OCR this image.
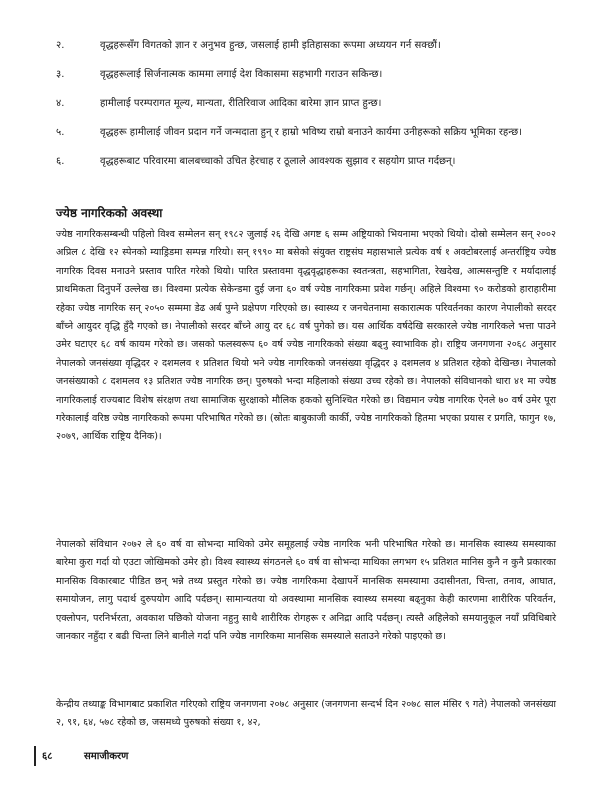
२.	वृद्धहरूसँग विगतको ज्ञान र अनुभव हुन्छ, जसलाई हामी इतिहासका रूपमा अध्ययन गर्न सक्छौं।
३.	वृद्धहरूलाई सिर्जनात्मक काममा लगाई देश विकासमा सहभागी गराउन सकिन्छ।
४.	हामीलाई परम्परागत मूल्य, मान्यता, रीतिरिवाज आदिका बारेमा ज्ञान प्राप्त हुन्छ।
५.	वृद्धहरू हामीलाई जीवन प्रदान गर्ने जन्मदाता हुन् र हाम्रो भविष्य राम्रो बनाउने कार्यमा उनीहरूको सक्रिय भूमिका रहन्छ।
६.	वृद्धहरूबाट परिवारमा बालबच्चाको उचित हेरचाह र ठूलाले आवश्यक सुझाव र सहयोग प्राप्त गर्दछन्।
ज्येष्ठ नागरिकको अवस्था

ज्येष्ठ नागरिकसम्बन्धी पहिलो विश्व सम्मेलन सन् १९८२ जुलाई २६ देखि अगष्ट ६ सम्म अष्ट्रियाको भियनामा भएको थियो। दोस्रो सम्मेलन सन् २००२ अप्रिल ८ देखि १२ स्पेनको म्याड्रिडमा सम्पन्न गरियो। सन् १९९० मा बसेको संयुक्त राष्ट्रसंघ महासभाले प्रत्येक वर्ष १ अक्टोबरलाई अन्तर्राष्ट्रिय ज्येष्ठ नागरिक दिवस मनाउने प्रस्ताव पारित गरेको थियो। पारित प्रस्तावमा वृद्धवृद्धाहरूका स्वतन्त्रता, सहभागिता, रेखदेख, आत्मसन्तुष्टि र मर्यादालाई प्राथमिकता दिनुपर्ने उल्लेख छ। विश्वमा प्रत्येक सेकेन्डमा दुई जना ६० वर्ष ज्येष्ठ नागरिकमा प्रवेश गर्छन्। अहिले विश्वमा ९० करोडको हाराहारीमा रहेका ज्येष्ठ नागरिक सन् २०५० सम्ममा डेढ अर्ब पुग्ने प्रक्षेपण गरिएको छ। स्वास्थ्य र जनचेतनामा सकारात्मक परिवर्तनका कारण नेपालीको सरदर बाँच्ने आयुदर वृद्धि हुँदै गएको छ। नेपालीको सरदर बाँच्ने आयु दर ६८ वर्ष पुगेको छ। यस आर्थिक वर्षदेखि सरकारले ज्येष्ठ नागरिकले भत्ता पाउने उमेर घटाएर ६८ वर्ष कायम गरेको छ। जसको फलस्वरूप ६० वर्ष ज्येष्ठ नागरिकको संख्या बढ्नु स्वाभाविक हो। राष्ट्रिय जनगणना २०६८ अनुसार नेपालको जनसंख्या वृद्धिदर २ दशमलव १ प्रतिशत थियो भने ज्येष्ठ नागरिकको जनसंख्या वृद्धिदर ३ दशमलव ४ प्रतिशत रहेको देखिन्छ। नेपालको जनसंख्याको ८ दशमलव १३ प्रतिशत ज्येष्ठ नागरिक छन्। पुरुषको भन्दा महिलाको संख्या उच्च रहेको छ। नेपालको संविधानको धारा ४१ मा ज्येष्ठ नागरिकलाई राज्यबाट विशेष संरक्षण तथा सामाजिक सुरक्षाको मौलिक हकको सुनिश्चित गरेको छ। विद्यमान ज्येष्ठ नागरिक ऐनले ७० वर्ष उमेर पूरा गरेकालाई वरिष्ठ ज्येष्ठ नागरिकको रूपमा परिभाषित गरेको छ। (स्रोतः बाबुकाजी कार्की, ज्येष्ठ नागरिकको हितमा भएका प्रयास र प्रगति, फागुन १७, २०७९, आर्थिक राष्ट्रिय दैनिक)।

नेपालको संविधान २०७२ ले ६० वर्ष वा सोभन्दा माथिको उमेर समूहलाई ज्येष्ठ नागरिक भनी परिभाषित गरेको छ। मानसिक स्वास्थ्य समस्याका बारेमा कुरा गर्दा यो एउटा जोखिमको उमेर हो। विश्व स्वास्थ्य संगठनले ६० वर्ष वा सोभन्दा माथिका लगभग १५ प्रतिशत मानिस कुनै न कुनै प्रकारका मानसिक विकारबाट पीडित छन् भन्ने तथ्य प्रस्तुत गरेको छ। ज्येष्ठ नागरिकमा देखापर्ने मानसिक समस्यामा उदासीनता, चिन्ता, तनाव, आघात, समायोजन, लागु पदार्थ दुरुपयोग आदि पर्दछन्। सामान्यतया यो अवस्थामा मानसिक स्वास्थ्य समस्या बढ्नुका केही कारणमा शारीरिक परिवर्तन, एक्लोपन, परनिर्भरता, अवकाश पछिको योजना नहुनु साथै शारीरिक रोगहरू र अनिद्रा आदि पर्दछन्। त्यस्तै अहिलेको समयानुकूल नयाँ प्रविधिबारे जानकार नहुँदा र बढी चिन्ता लिने बानीले गर्दा पनि ज्येष्ठ नागरिकमा मानसिक समस्याले सताउने गरेको पाइएको छ।

केन्द्रीय तथ्याङ्क विभागबाट प्रकाशित गरिएको राष्ट्रिय जनगणना २०७८ अनुसार (जनगणना सन्दर्भ दिन २०७८ साल मंसिर ९ गते) नेपालको जनसंख्या २, ९१, ६४, ५७८ रहेको छ, जसमध्ये पुरुषको संख्या १, ४२,

६८	समाजीकरण
